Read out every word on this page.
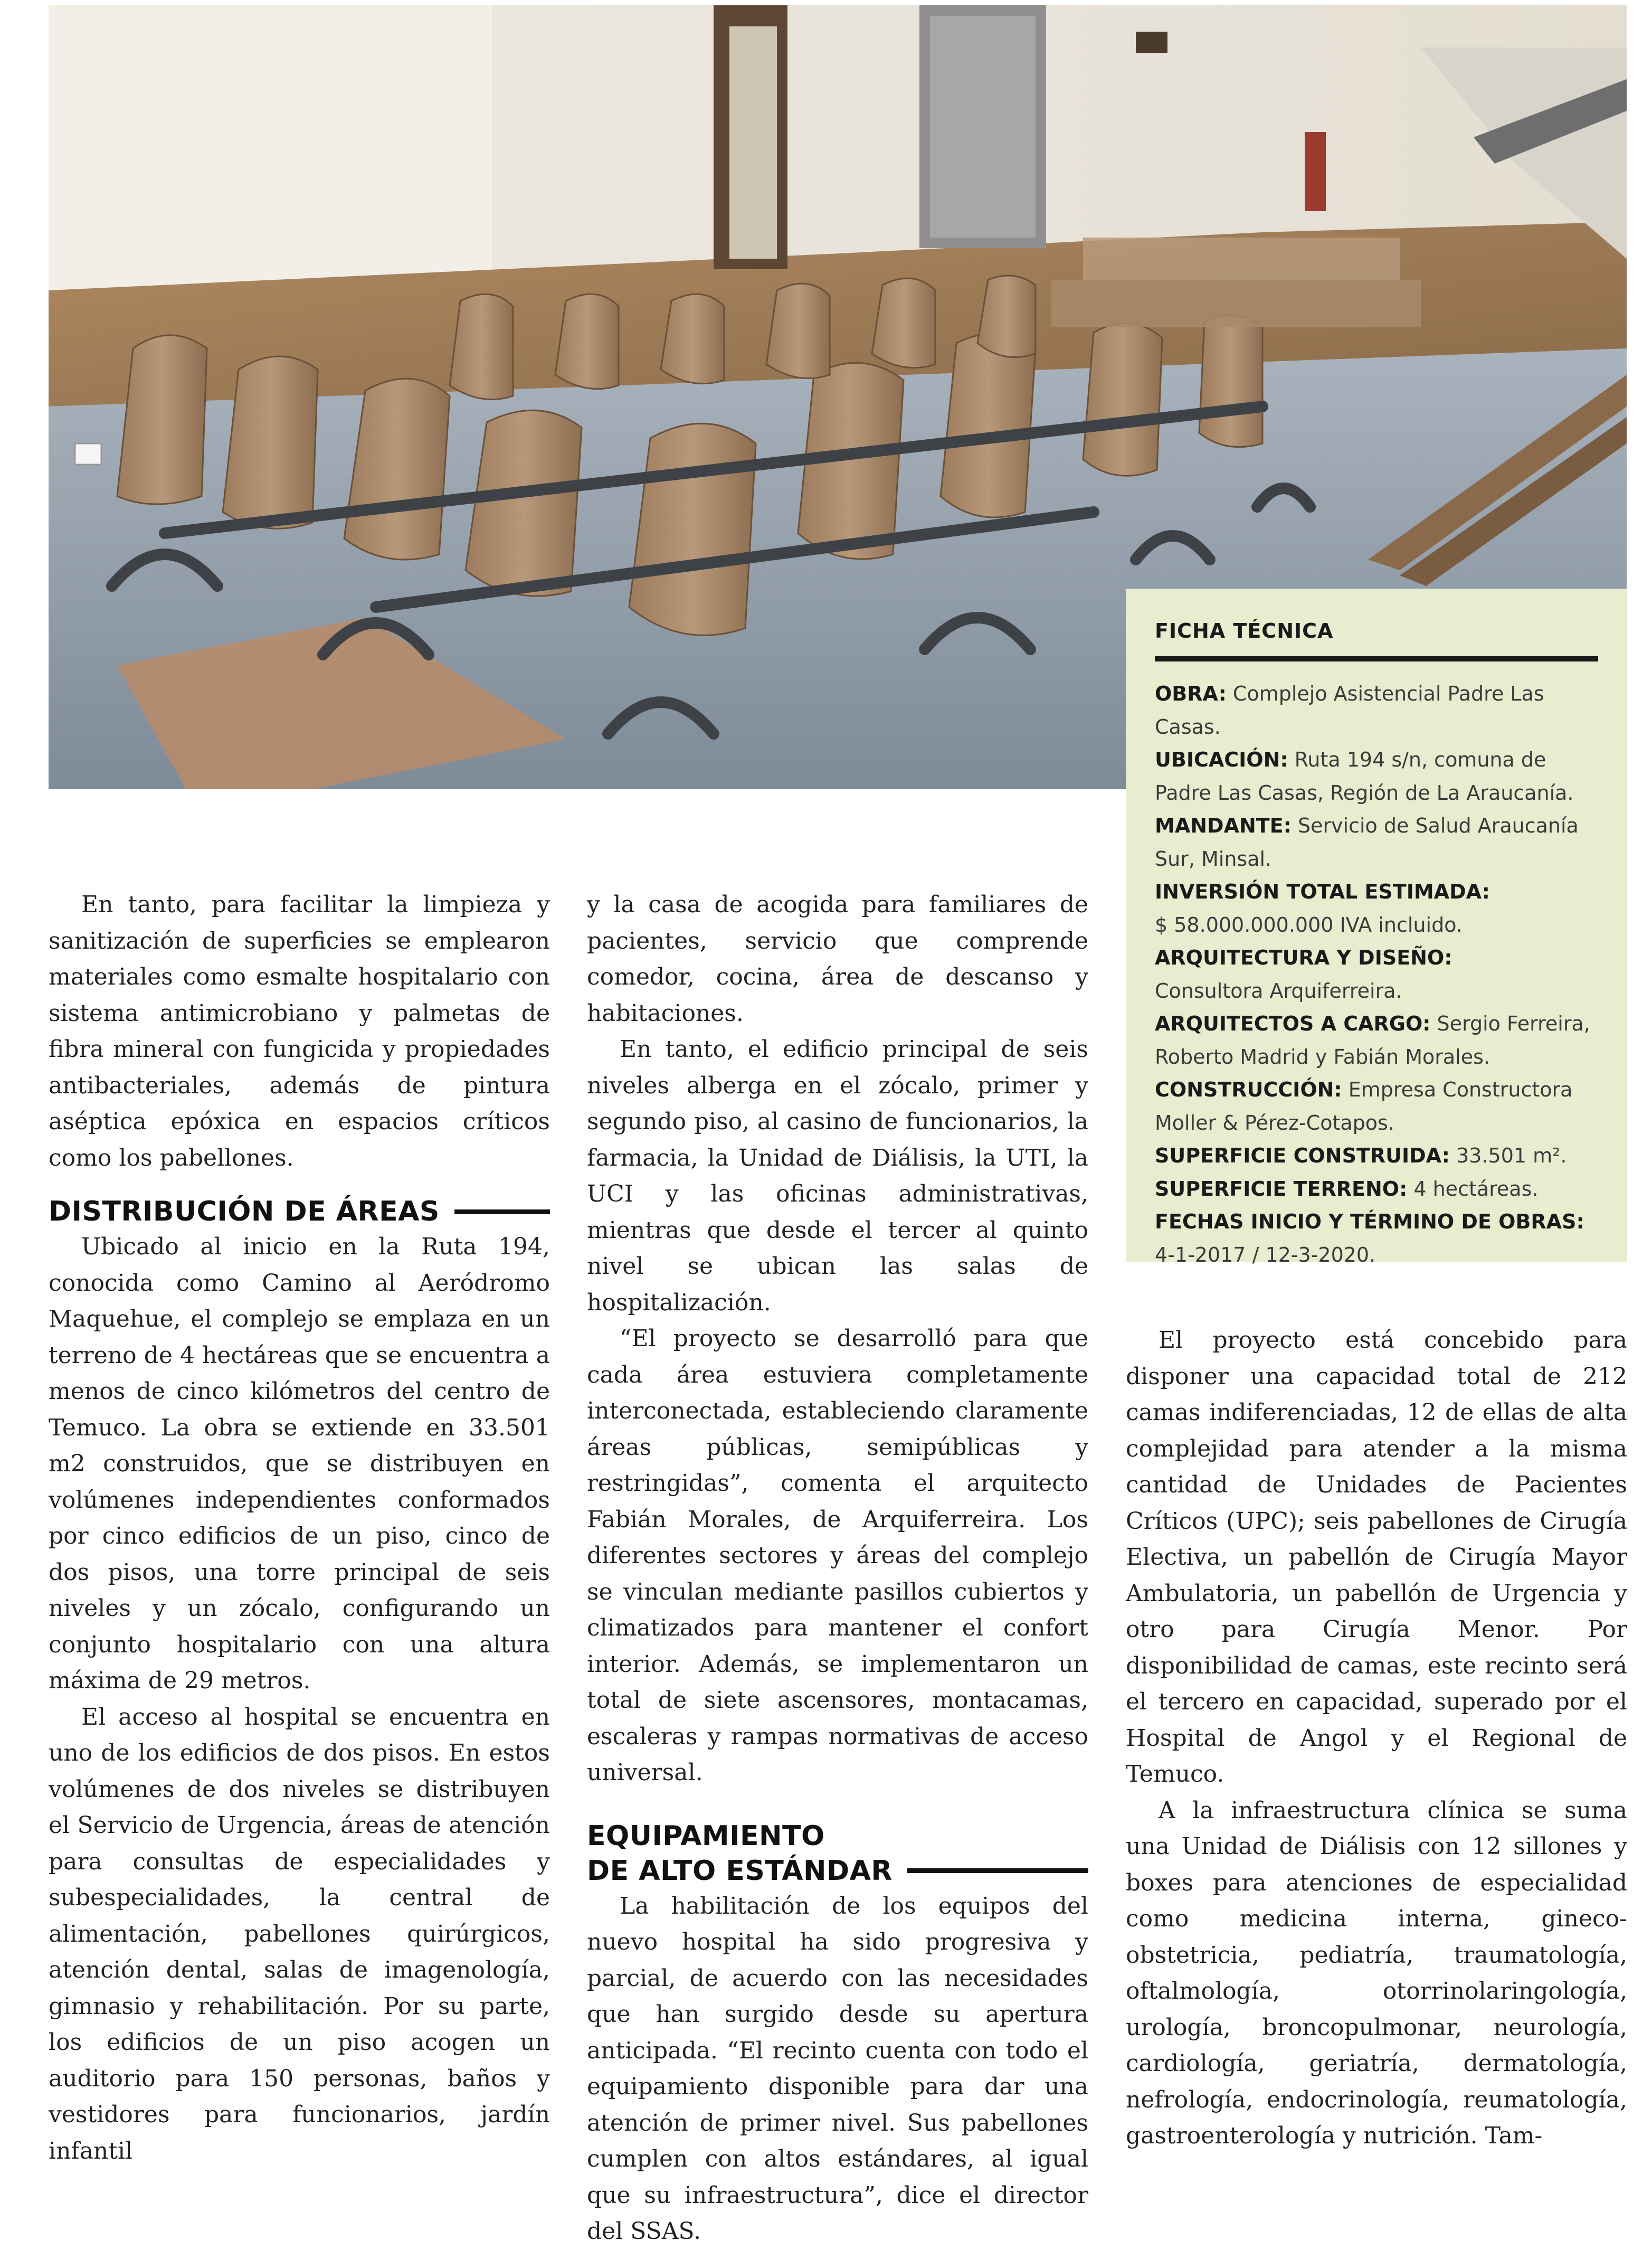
FICHA TÉCNICA
OBRA: Complejo Asistencial Padre Las Casas.
UBICACIÓN: Ruta 194 s/n, comuna de Padre Las Casas, Región de La Araucanía.
MANDANTE: Servicio de Salud Araucanía Sur, Minsal.
INVERSIÓN TOTAL ESTIMADA:
$ 58.000.000.000 IVA incluido.
ARQUITECTURA Y DISEÑO:
Consultora Arquiferreira.
ARQUITECTOS A CARGO: Sergio Ferreira, Roberto Madrid y Fabián Morales.
CONSTRUCCIÓN: Empresa Constructora Moller & Pérez-Cotapos.
SUPERFICIE CONSTRUIDA: 33.501 m².
SUPERFICIE TERRENO: 4 hectáreas.
FECHAS INICIO Y TÉRMINO DE OBRAS:
4-1-2017 / 12-3-2020.

En tanto, para facilitar la limpieza y sanitización de superficies se emplearon materiales como esmalte hospitalario con sistema antimicrobiano y palmetas de fibra mineral con fungicida y propiedades antibacteriales, además de pintura aséptica epóxica en espacios críticos como los pabellones.

DISTRIBUCIÓN DE ÁREAS

Ubicado al inicio en la Ruta 194, conocida como Camino al Aeródromo Maquehue, el complejo se emplaza en un terreno de 4 hectáreas que se encuentra a menos de cinco kilómetros del centro de Temuco. La obra se extiende en 33.501 m2 construidos, que se distribuyen en volúmenes independientes conformados por cinco edificios de un piso, cinco de dos pisos, una torre principal de seis niveles y un zócalo, configurando un conjunto hospitalario con una altura máxima de 29 metros.

El acceso al hospital se encuentra en uno de los edificios de dos pisos. En estos volúmenes de dos niveles se distribuyen el Servicio de Urgencia, áreas de atención para consultas de especialidades y subespecialidades, la central de alimentación, pabellones quirúrgicos, atención dental, salas de imagenología, gimnasio y rehabilitación. Por su parte, los edificios de un piso acogen un auditorio para 150 personas, baños y vestidores para funcionarios, jardín infantil

y la casa de acogida para familiares de pacientes, servicio que comprende comedor, cocina, área de descanso y habitaciones.

En tanto, el edificio principal de seis niveles alberga en el zócalo, primer y segundo piso, al casino de funcionarios, la farmacia, la Unidad de Diálisis, la UTI, la UCI y las oficinas administrativas, mientras que desde el tercer al quinto nivel se ubican las salas de hospitalización.

“El proyecto se desarrolló para que cada área estuviera completamente interconectada, estableciendo claramente áreas públicas, semipúblicas y restringidas”, comenta el arquitecto Fabián Morales, de Arquiferreira. Los diferentes sectores y áreas del complejo se vinculan mediante pasillos cubiertos y climatizados para mantener el confort interior. Además, se implementaron un total de siete ascensores, montacamas, escaleras y rampas normativas de acceso universal.

EQUIPAMIENTO
DE ALTO ESTÁNDAR

La habilitación de los equipos del nuevo hospital ha sido progresiva y parcial, de acuerdo con las necesidades que han surgido desde su apertura anticipada. “El recinto cuenta con todo el equipamiento disponible para dar una atención de primer nivel. Sus pabellones cumplen con altos estándares, al igual que su infraestructura”, dice el director del SSAS.

El proyecto está concebido para disponer una capacidad total de 212 camas indiferenciadas, 12 de ellas de alta complejidad para atender a la misma cantidad de Unidades de Pacientes Críticos (UPC); seis pabellones de Cirugía Electiva, un pabellón de Cirugía Mayor Ambulatoria, un pabellón de Urgencia y otro para Cirugía Menor. Por disponibilidad de camas, este recinto será el tercero en capacidad, superado por el Hospital de Angol y el Regional de Temuco.

A la infraestructura clínica se suma una Unidad de Diálisis con 12 sillones y boxes para atenciones de especialidad como medicina interna, gineco-obstetricia, pediatría, traumatología, oftalmología, otorrinolaringología, urología, broncopulmonar, neurología, cardiología, geriatría, dermatología, nefrología, endocrinología, reumatología, gastroenterología y nutrición. Tam-
